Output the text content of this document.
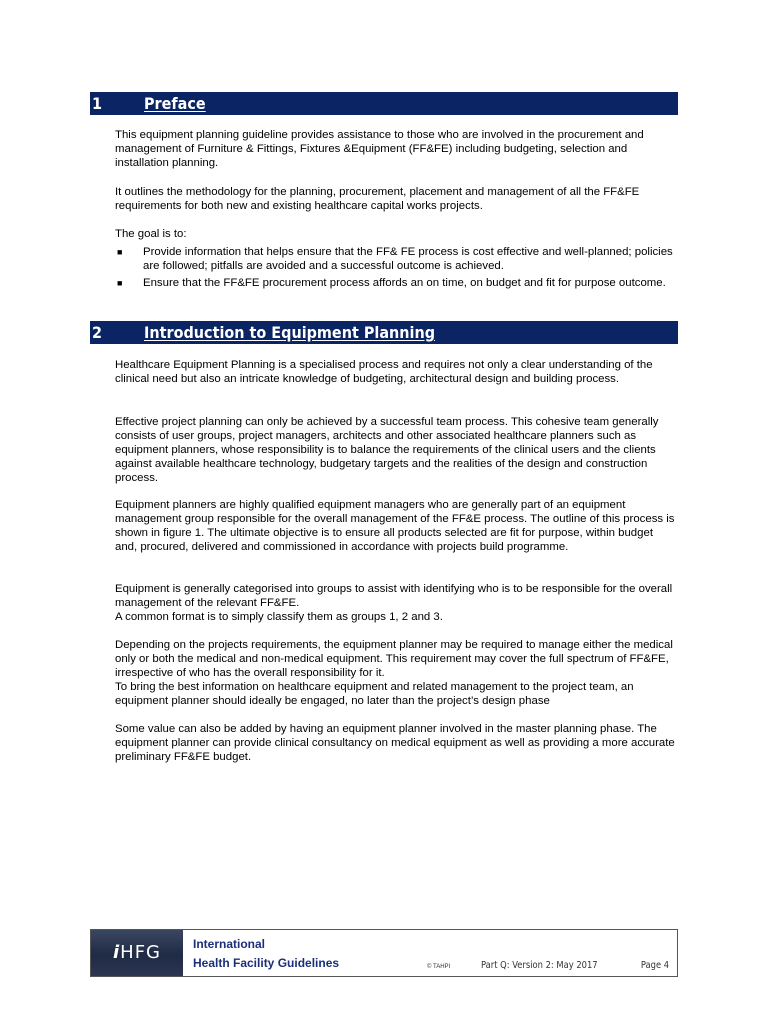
1	Preface

This equipment planning guideline provides assistance to those who are involved in the procurement and management of Furniture & Fittings, Fixtures &Equipment (FF&FE) including budgeting, selection and installation planning.

It outlines the methodology for the planning, procurement, placement and management of all the FF&FE requirements for both new and existing healthcare capital works projects.

The goal is to:

■ Provide information that helps ensure that the FF& FE process is cost effective and well-planned; policies are followed; pitfalls are avoided and a successful outcome is achieved.
■ Ensure that the FF&FE procurement process affords an on time, on budget and fit for purpose outcome.
2	Introduction to Equipment Planning

Healthcare Equipment Planning is a specialised process and requires not only a clear understanding of the clinical need but also an intricate knowledge of budgeting, architectural design and building process.

Effective project planning can only be achieved by a successful team process. This cohesive team generally consists of user groups, project managers, architects and other associated healthcare planners such as equipment planners, whose responsibility is to balance the requirements of the clinical users and the clients against available healthcare technology, budgetary targets and the realities of the design and construction process.

Equipment planners are highly qualified equipment managers who are generally part of an equipment management group responsible for the overall management of the FF&E process. The outline of this process is shown in figure 1. The ultimate objective is to ensure all products selected are fit for purpose, within budget and, procured, delivered and commissioned in accordance with projects build programme.

Equipment is generally categorised into groups to assist with identifying who is to be responsible for the overall management of the relevant FF&FE.

A common format is to simply classify them as groups 1, 2 and 3.

Depending on the projects requirements, the equipment planner may be required to manage either the medical only or both the medical and non-medical equipment. This requirement may cover the full spectrum of FF&FE, irrespective of who has the overall responsibility for it.

To bring the best information on healthcare equipment and related management to the project team, an equipment planner should ideally be engaged, no later than the project’s design phase

Some value can also be added by having an equipment planner involved in the master planning phase. The equipment planner can provide clinical consultancy on medical equipment as well as providing a more accurate preliminary FF&FE budget.

iHFG	International
Health Facility Guidelines	© TAHPI	Part Q: Version 2: May 2017	Page 4
